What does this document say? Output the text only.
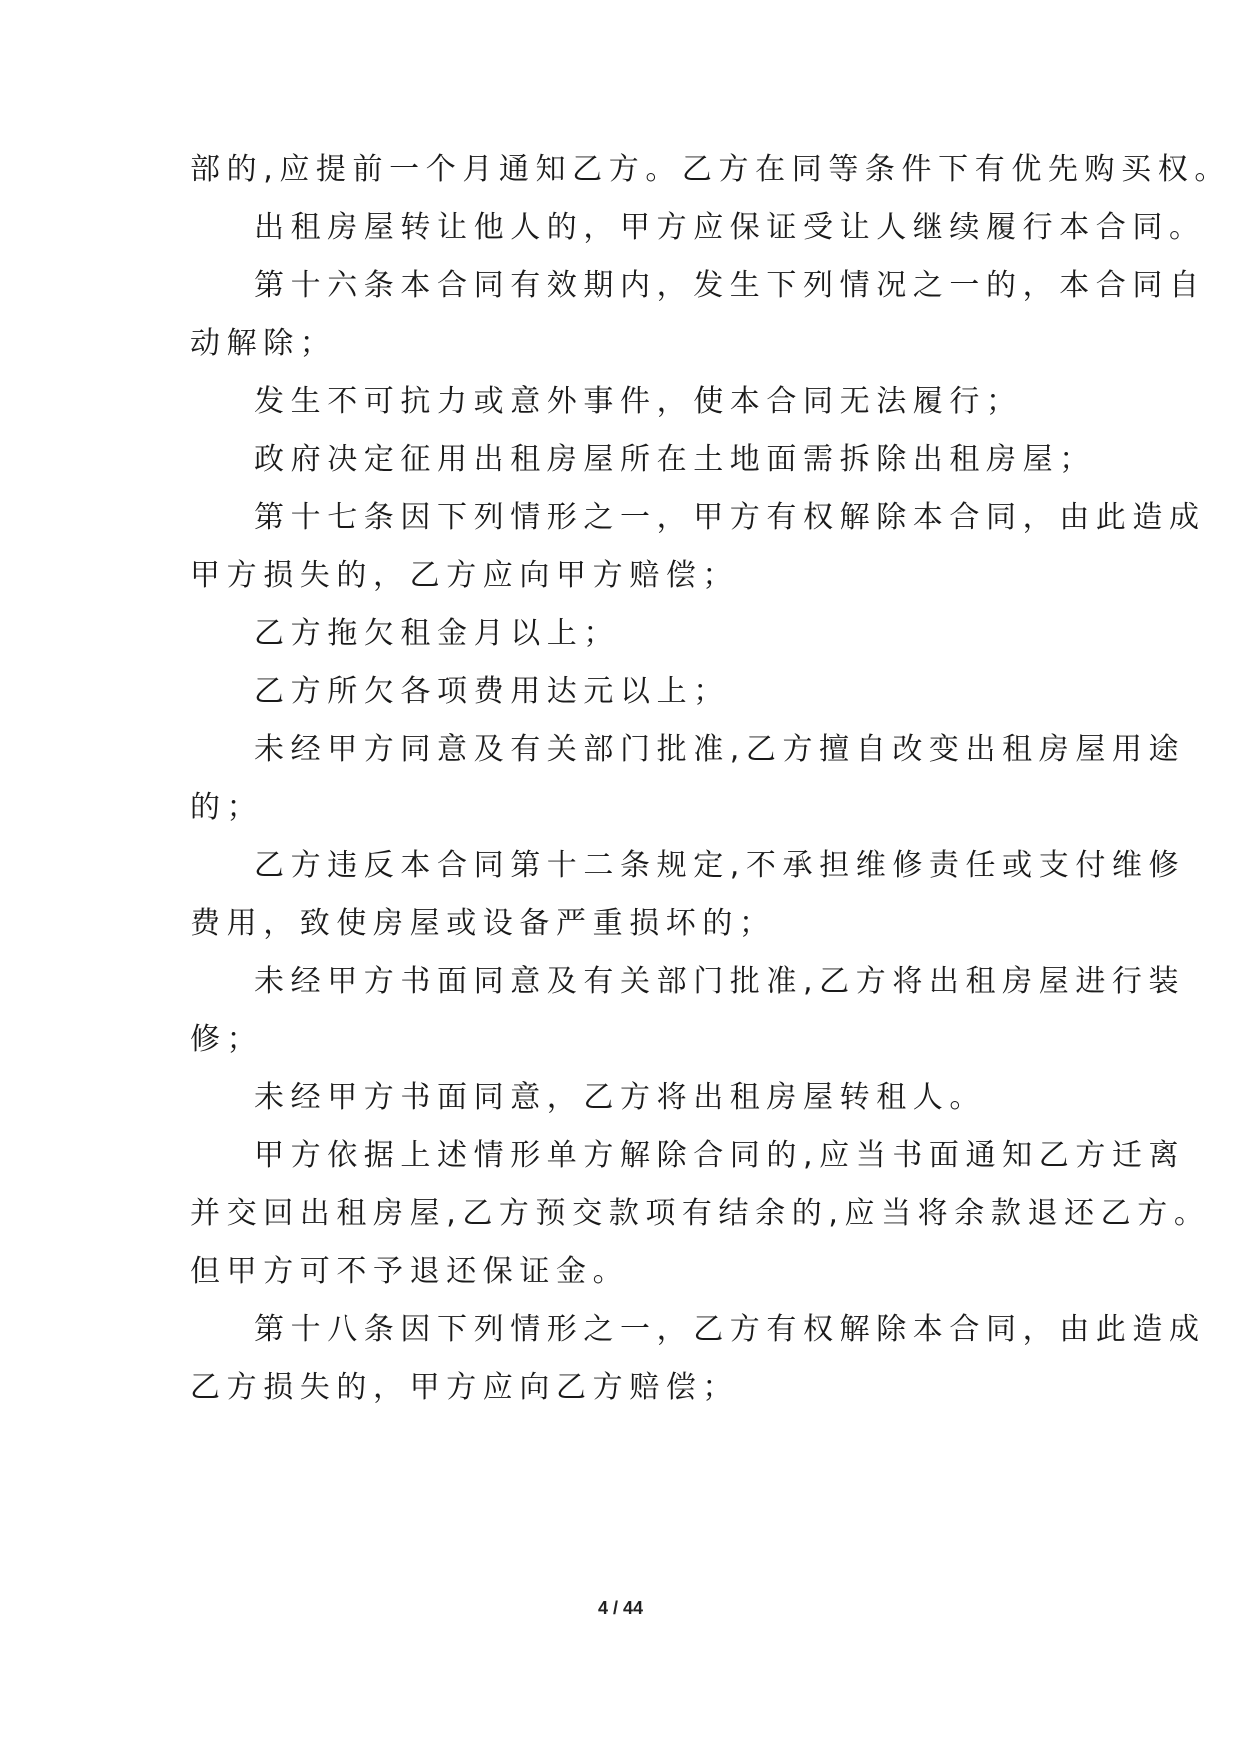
部的,应提前一个月通知乙方。乙方在同等条件下有优先购买权。
出租房屋转让他人的，甲方应保证受让人继续履行本合同。
第十六条本合同有效期内，发生下列情况之一的，本合同自
动解除；
发生不可抗力或意外事件，使本合同无法履行；
政府决定征用出租房屋所在土地面需拆除出租房屋；
第十七条因下列情形之一，甲方有权解除本合同，由此造成
甲方损失的，乙方应向甲方赔偿；
乙方拖欠租金月以上；
乙方所欠各项费用达元以上；
未经甲方同意及有关部门批准,乙方擅自改变出租房屋用途
的；
乙方违反本合同第十二条规定,不承担维修责任或支付维修
费用，致使房屋或设备严重损坏的；
未经甲方书面同意及有关部门批准,乙方将出租房屋进行装
修；
未经甲方书面同意，乙方将出租房屋转租人。
甲方依据上述情形单方解除合同的,应当书面通知乙方迁离
并交回出租房屋,乙方预交款项有结余的,应当将余款退还乙方。
但甲方可不予退还保证金。
第十八条因下列情形之一，乙方有权解除本合同，由此造成
乙方损失的，甲方应向乙方赔偿；
4 / 44
